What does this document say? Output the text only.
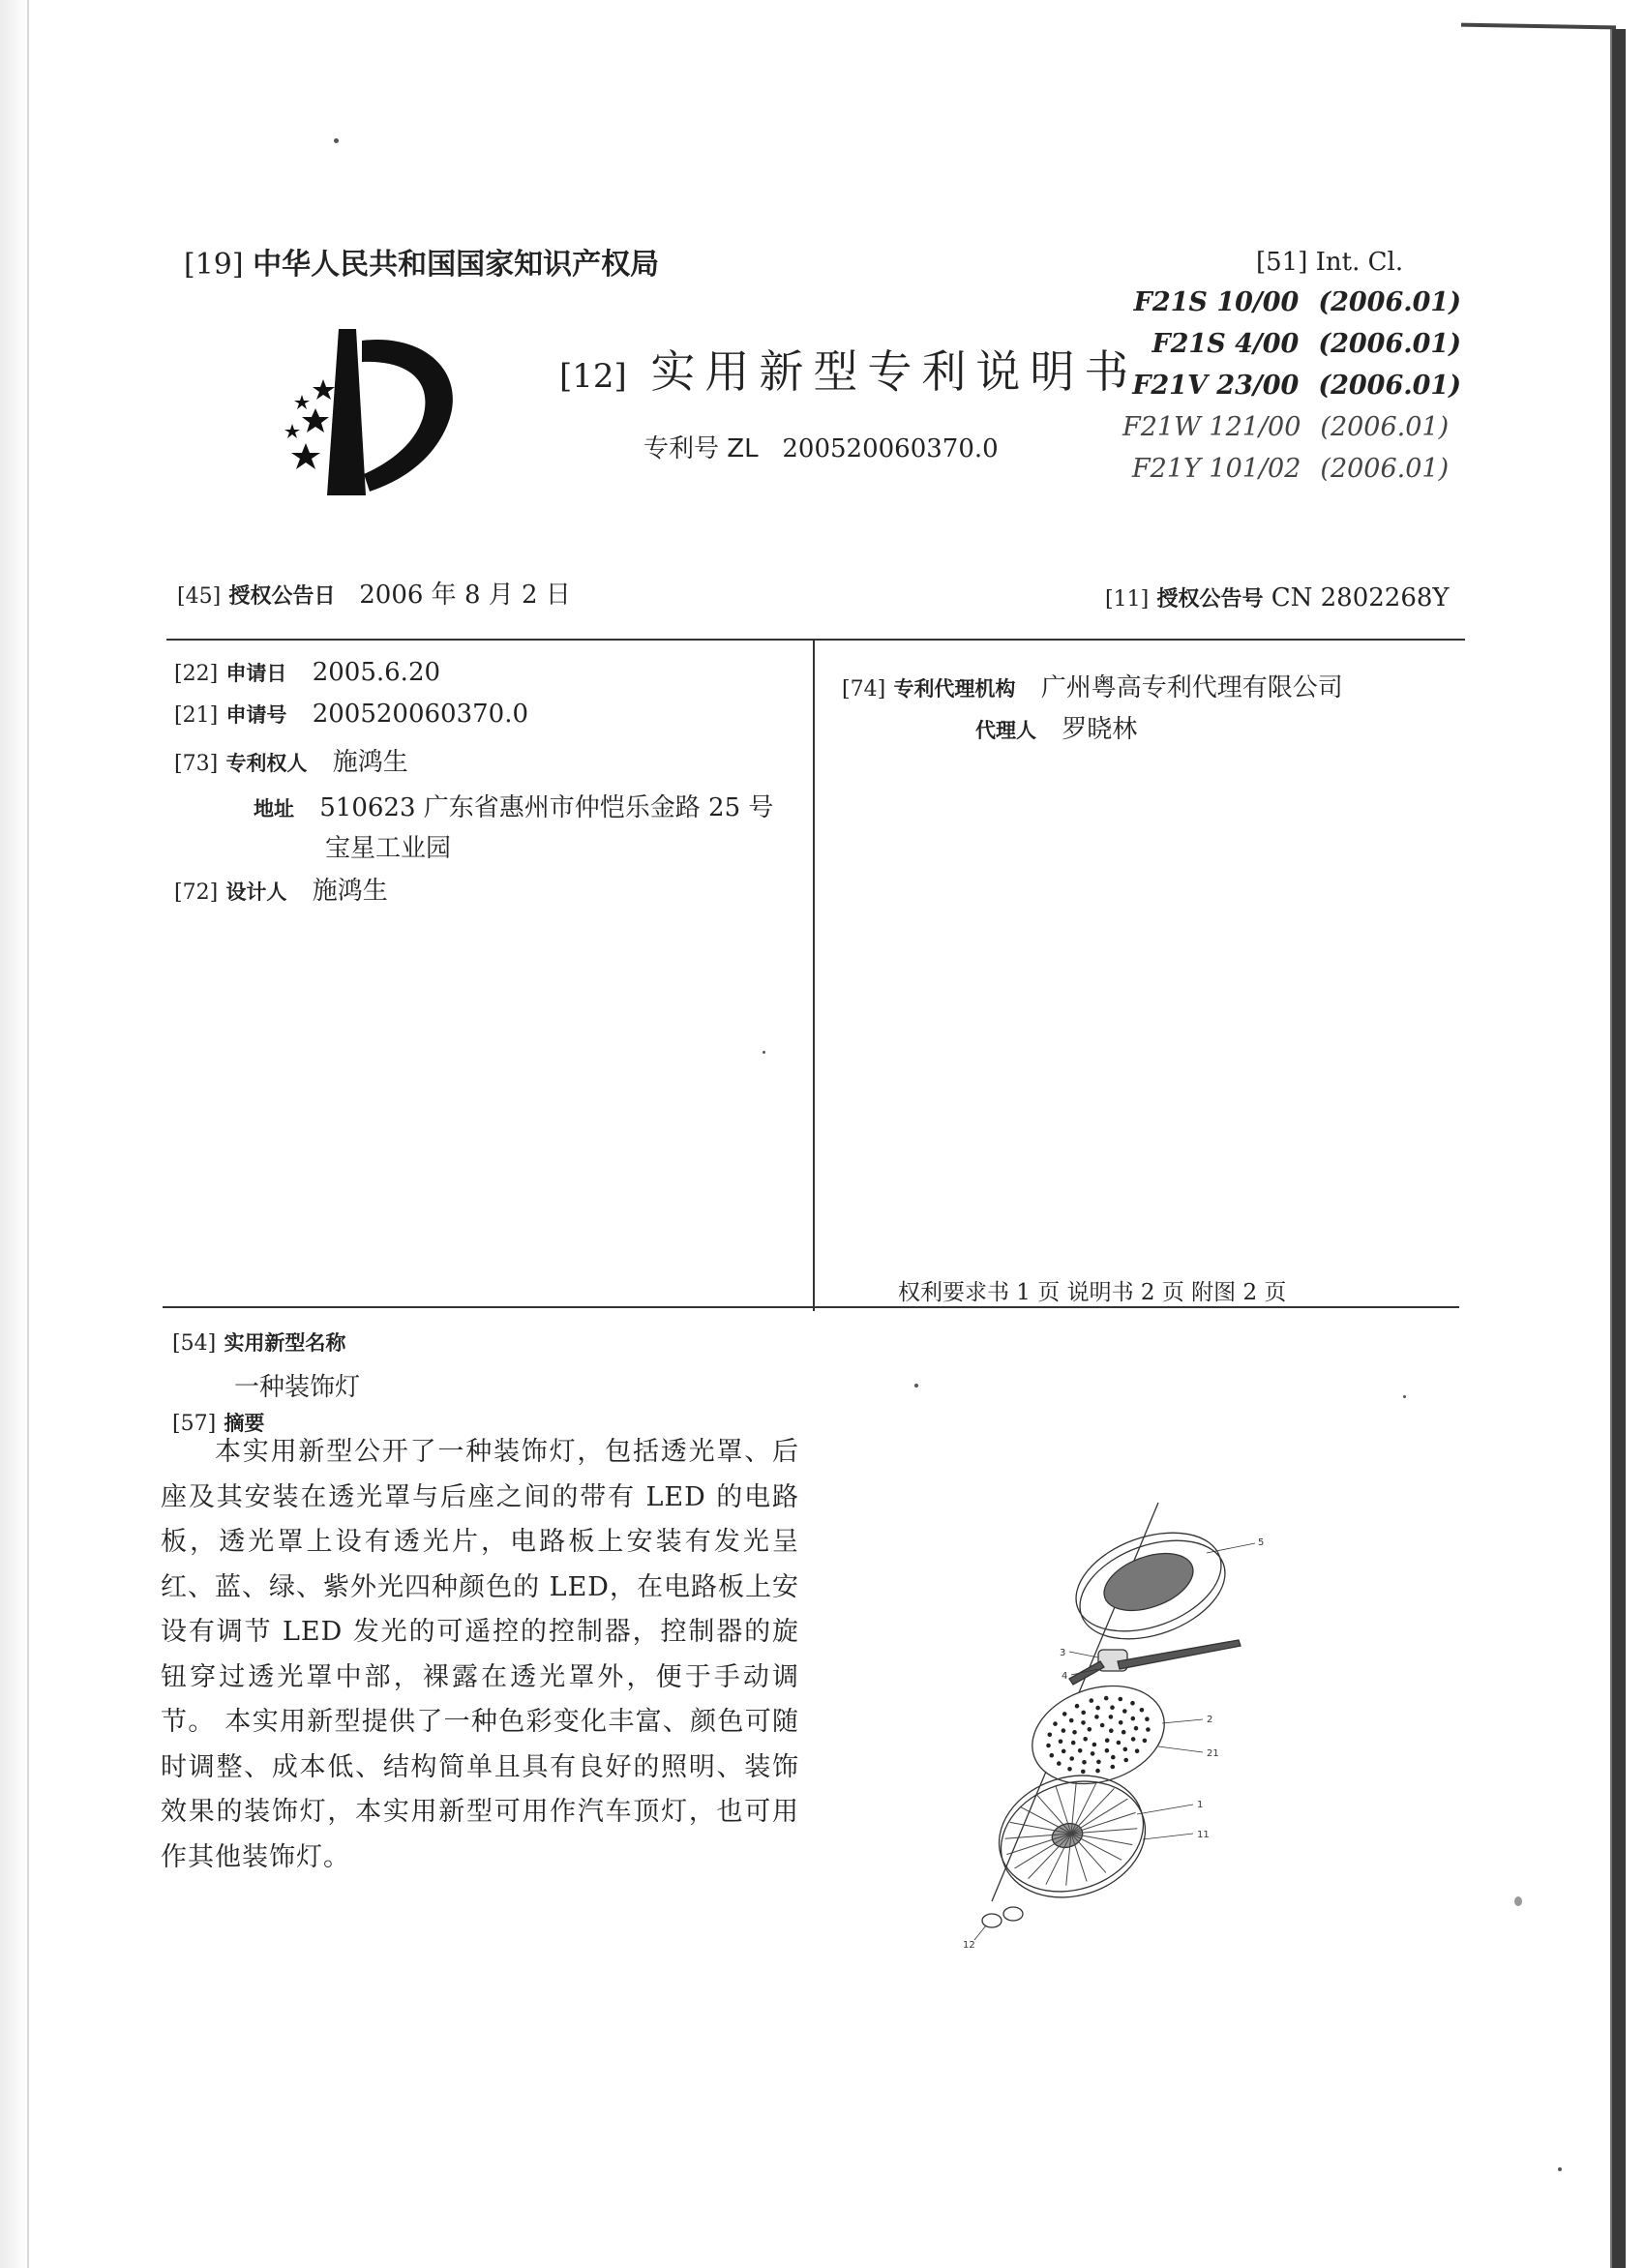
[19] 中华人民共和国国家知识产权局
[12] 实用新型专利说明书
专利号 ZL 200520060370.0
[51] Int. Cl.
F21S 10/00 (2006.01)
F21S 4/00 (2006.01)
F21V 23/00 (2006.01)
F21W 121/00 (2006.01)
F21Y 101/02 (2006.01)
[45] 授权公告日 2006 年 8 月 2 日	[11] 授权公告号 CN 2802268Y
[22] 申请日 2005.6.20
[21] 申请号 200520060370.0
[73] 专利权人 施鸿生
地址 510623 广东省惠州市仲恺乐金路 25 号
宝星工业园
[72] 设计人 施鸿生
[74] 专利代理机构 广州粤高专利代理有限公司
代理人 罗晓林
权利要求书 1 页 说明书 2 页 附图 2 页
[54] 实用新型名称
一种装饰灯
[57] 摘要
本实用新型公开了一种装饰灯，包括透光罩、后座及其安装在透光罩与后座之间的带有 LED 的电路板，透光罩上设有透光片，电路板上安装有发光呈红、蓝、绿、紫外光四种颜色的 LED，在电路板上安设有调节 LED 发光的可遥控的控制器，控制器的旋钮穿过透光罩中部，裸露在透光罩外，便于手动调节。 本实用新型提供了一种色彩变化丰富、颜色可随时调整、成本低、结构简单且具有良好的照明、装饰效果的装饰灯，本实用新型可用作汽车顶灯，也可用作其他装饰灯。
5
3
4
2
21
1
11
12
